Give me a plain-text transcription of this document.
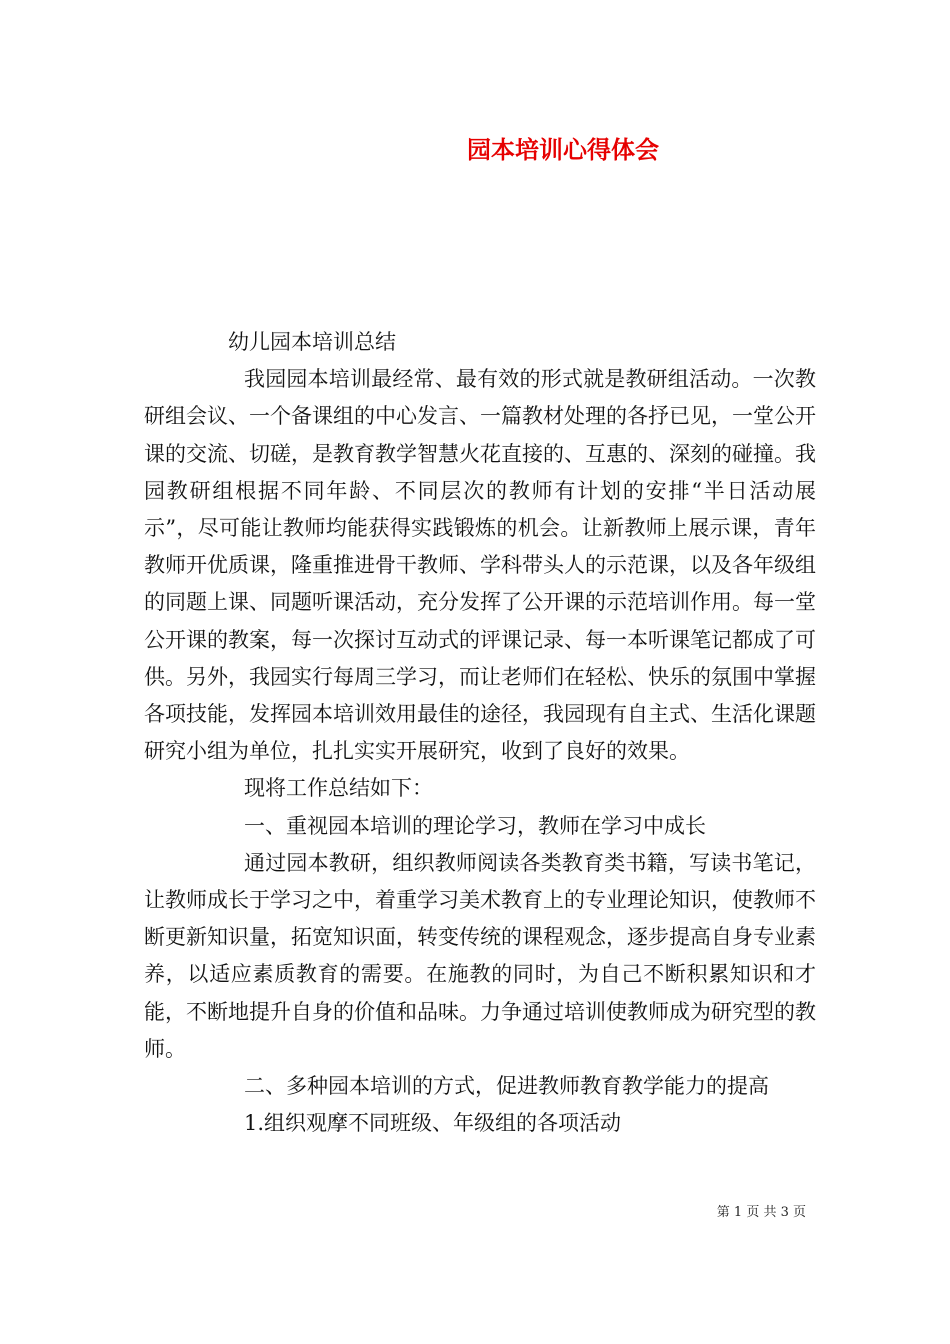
园本培训心得体会

幼儿园本培训总结

我园园本培训最经常、最有效的形式就是教研组活动。一次教研组会议、一个备课组的中心发言、一篇教材处理的各抒已见，一堂公开课的交流、切磋，是教育教学智慧火花直接的、互惠的、深刻的碰撞。我园教研组根据不同年龄、不同层次的教师有计划的安排“半日活动展示”，尽可能让教师均能获得实践锻炼的机会。让新教师上展示课，青年教师开优质课，隆重推进骨干教师、学科带头人的示范课，以及各年级组的同题上课、同题听课活动，充分发挥了公开课的示范培训作用。每一堂公开课的教案，每一次探讨互动式的评课记录、每一本听课笔记都成了可供。另外，我园实行每周三学习，而让老师们在轻松、快乐的氛围中掌握各项技能，发挥园本培训效用最佳的途径，我园现有自主式、生活化课题研究小组为单位，扎扎实实开展研究，收到了良好的效果。

现将工作总结如下：

一、重视园本培训的理论学习，教师在学习中成长

通过园本教研，组织教师阅读各类教育类书籍，写读书笔记，让教师成长于学习之中，着重学习美术教育上的专业理论知识，使教师不断更新知识量，拓宽知识面，转变传统的课程观念，逐步提高自身专业素养，以适应素质教育的需要。在施教的同时，为自己不断积累知识和才能，不断地提升自身的价值和品味。力争通过培训使教师成为研究型的教师。

二、多种园本培训的方式，促进教师教育教学能力的提高

1.组织观摩不同班级、年级组的各项活动

第 1 页 共 3 页
